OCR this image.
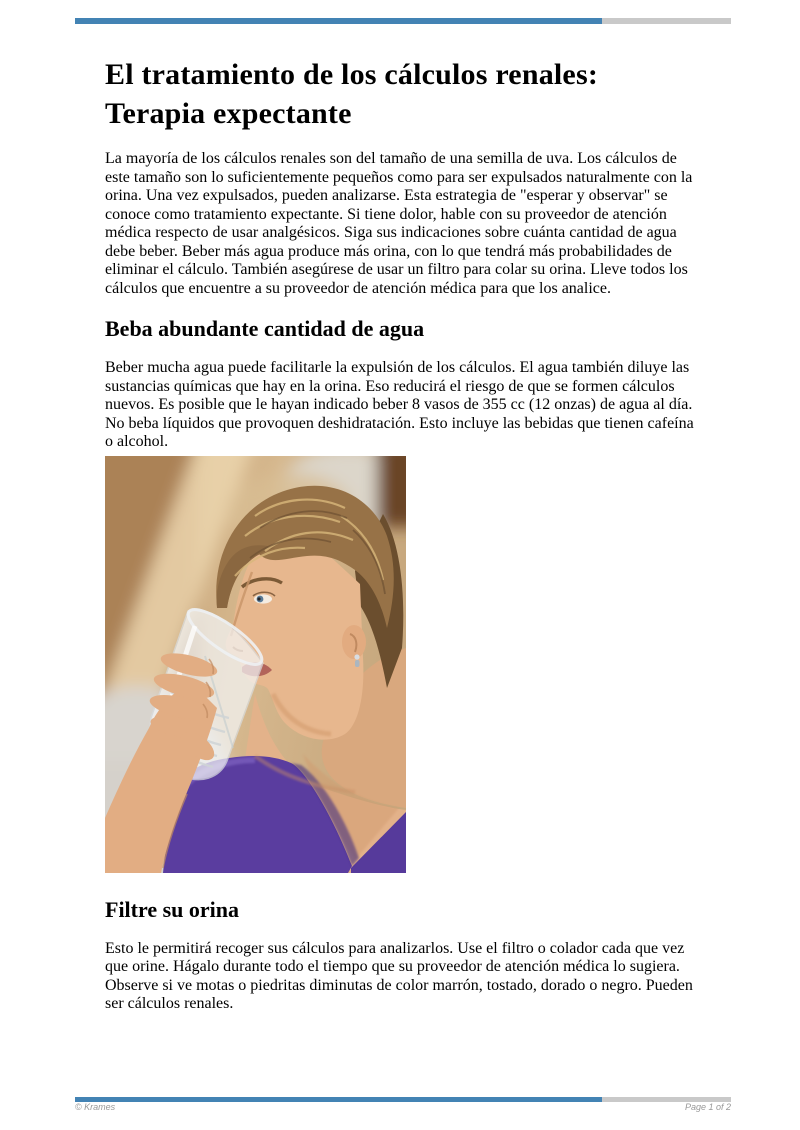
El tratamiento de los cálculos renales: Terapia expectante

La mayoría de los cálculos renales son del tamaño de una semilla de uva. Los cálculos de este tamaño son lo suficientemente pequeños como para ser expulsados naturalmente con la orina. Una vez expulsados, pueden analizarse. Esta estrategia de "esperar y observar" se conoce como tratamiento expectante. Si tiene dolor, hable con su proveedor de atención médica respecto de usar analgésicos. Siga sus indicaciones sobre cuánta cantidad de agua debe beber. Beber más agua produce más orina, con lo que tendrá más probabilidades de eliminar el cálculo. También asegúrese de usar un filtro para colar su orina. Lleve todos los cálculos que encuentre a su proveedor de atención médica para que los analice.

Beba abundante cantidad de agua

Beber mucha agua puede facilitarle la expulsión de los cálculos. El agua también diluye las sustancias químicas que hay en la orina. Eso reducirá el riesgo de que se formen cálculos nuevos. Es posible que le hayan indicado beber 8 vasos de 355 cc (12 onzas) de agua al día. No beba líquidos que provoquen deshidratación. Esto incluye las bebidas que tienen cafeína o alcohol.

Filtre su orina

Esto le permitirá recoger sus cálculos para analizarlos. Use el filtro o colador cada que vez que orine. Hágalo durante todo el tiempo que su proveedor de atención médica lo sugiera. Observe si ve motas o piedritas diminutas de color marrón, tostado, dorado o negro. Pueden ser cálculos renales.

© Krames	Page 1 of 2
